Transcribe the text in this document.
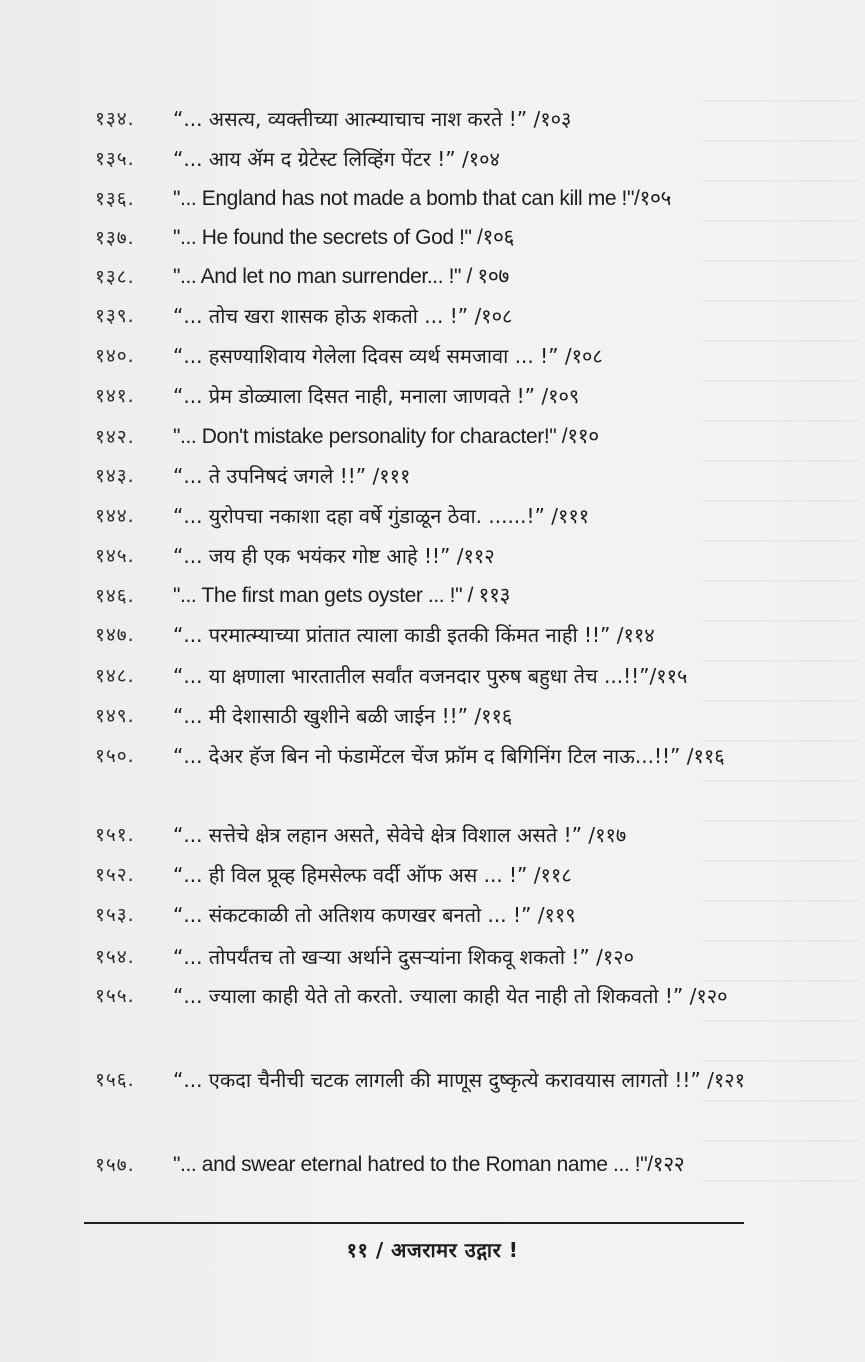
१३४. “... असत्य, व्यक्तीच्या आत्म्याचाच नाश करते !” /१०३
१३५. “... आय ॲम द ग्रेटेस्ट लिव्हिंग पेंटर !” /१०४
१३६. "... England has not made a bomb that can kill me !"/१०५
१३७. "... He found the secrets of God !" /१०६
१३८. "... And let no man surrender... !" / १०७
१३९. “... तोच खरा शासक होऊ शकतो ... !” /१०८
१४०. “... हसण्याशिवाय गेलेला दिवस व्यर्थ समजावा ... !” /१०८
१४१. “... प्रेम डोळ्याला दिसत नाही, मनाला जाणवते !” /१०९
१४२. "... Don't mistake personality for character!" /११०
१४३. “... ते उपनिषदं जगले !!” /१११
१४४. “... युरोपचा नकाशा दहा वर्षे गुंडाळून ठेवा. ......!” /१११
१४५. “... जय ही एक भयंकर गोष्ट आहे !!” /११२
१४६. "... The first man gets oyster ... !" / ११३
१४७. “... परमात्म्याच्या प्रांतात त्याला काडी इतकी किंमत नाही !!” /११४
१४८. “... या क्षणाला भारतातील सर्वांत वजनदार पुरुष बहुधा तेच ...!!”/११५
१४९. “... मी देशासाठी खुशीने बळी जाईन !!” /११६
१५०. “... देअर हॅज बिन नो फंडामेंटल चेंज फ्रॉम द बिगिनिंग टिल नाऊ...!!” /११६
१५१. “... सत्तेचे क्षेत्र लहान असते, सेवेचे क्षेत्र विशाल असते !” /११७
१५२. “... ही विल प्रूव्ह हिमसेल्फ वर्दी ऑफ अस ... !” /११८
१५३. “... संकटकाळी तो अतिशय कणखर बनतो ... !” /११९
१५४. “... तोपर्यंतच तो खऱ्या अर्थाने दुसऱ्यांना शिकवू शकतो !” /१२०
१५५. “... ज्याला काही येते तो करतो. ज्याला काही येत नाही तो शिकवतो !” /१२०
१५६. “... एकदा चैनीची चटक लागली की माणूस दुष्कृत्ये करावयास लागतो !!” /१२१
१५७. "... and swear eternal hatred to the Roman name ... !"/१२२
११ / अजरामर उद्गार !
